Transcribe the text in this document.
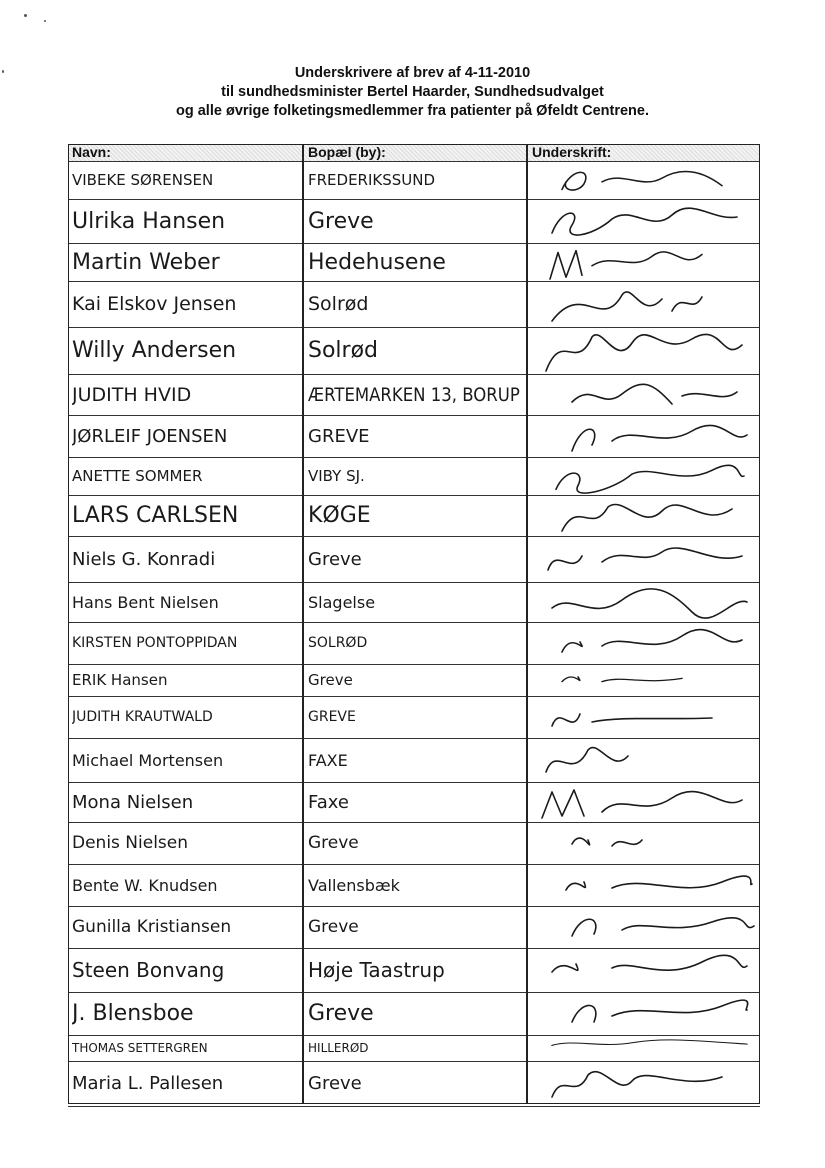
Underskrivere af brev af 4-11-2010
til sundhedsminister Bertel Haarder, Sundhedsudvalget
og alle øvrige folketingsmedlemmer fra patienter på Øfeldt Centrene.
Navn:	Bopæl (by):	Underskrift:
VIBEKE SØRENSEN	FREDERIKSSUND
Ulrika Hansen	Greve
Martin Weber	Hedehusene
Kai Elskov Jensen	Solrød
Willy Andersen	Solrød
JUDITH HVID	ÆRTEMARKEN 13, BORUP
JØRLEIF JOENSEN	GREVE
ANETTE SOMMER	VIBY SJ.
LARS CARLSEN	KØGE
Niels G. Konradi	Greve
Hans Bent Nielsen	Slagelse
KIRSTEN PONTOPPIDAN	SOLRØD
ERIK Hansen	Greve
JUDITH KRAUTWALD	GREVE
Michael Mortensen	FAXE
Mona Nielsen	Faxe
Denis Nielsen	Greve
Bente W. Knudsen	Vallensbæk
Gunilla Kristiansen	Greve
Steen Bonvang	Høje Taastrup
J. Blensboe	Greve
THOMAS SETTERGREN	HILLERØD
Maria L. Pallesen	Greve
